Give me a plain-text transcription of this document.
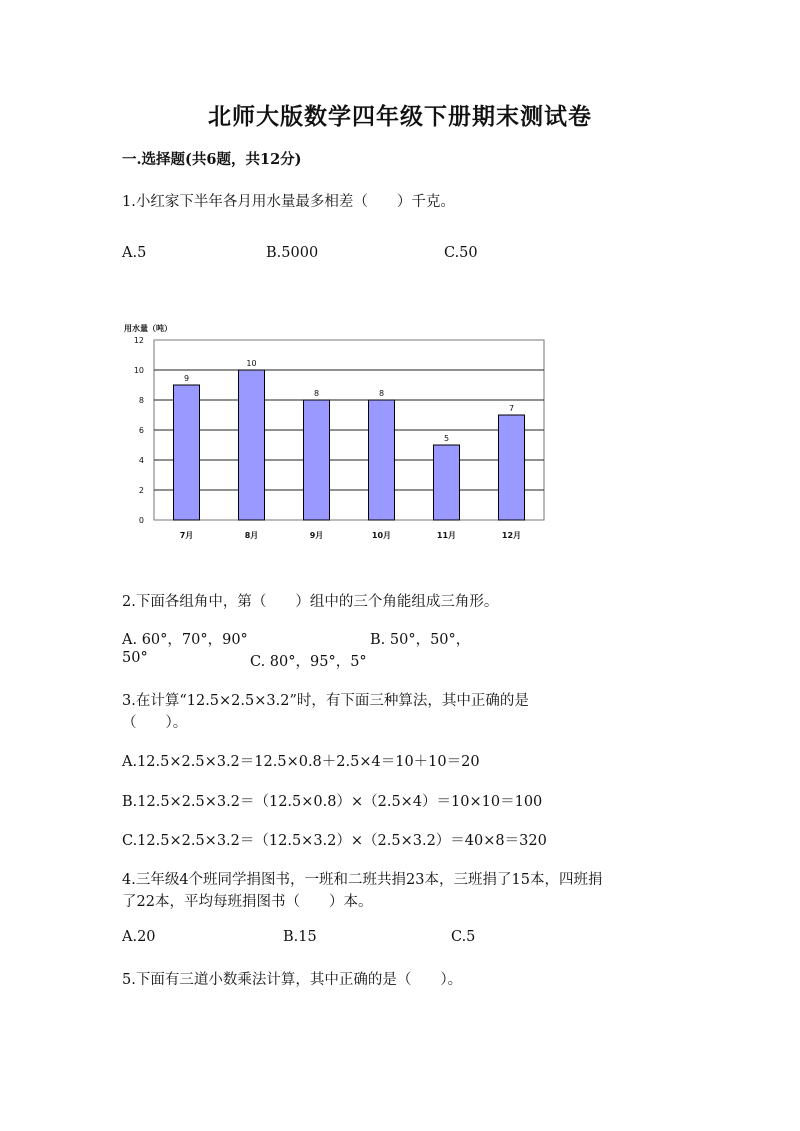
北师大版数学四年级下册期末测试卷
一.选择题(共6题，共12分)
1.小红家下半年各月用水量最多相差（　　）千克。
A.5	B.5000	C.50
用水量（吨）
0
2
4
6
8
10
12
9
7月
10
8月
8
9月
8
10月
5
11月
7
12月
2.下面各组角中，第（　　）组中的三个角能组成三角形。
A. 60°，70°，90°	B. 50°，50°，
50°	C. 80°，95°，5°
3.在计算“12.5×2.5×3.2”时，有下面三种算法，其中正确的是
（　　）。
A.12.5×2.5×3.2＝12.5×0.8＋2.5×4＝10＋10＝20
B.12.5×2.5×3.2＝（12.5×0.8）×（2.5×4）＝10×10＝100
C.12.5×2.5×3.2＝（12.5×3.2）×（2.5×3.2）＝40×8＝320
4.三年级4个班同学捐图书，一班和二班共捐23本，三班捐了15本，四班捐
了22本，平均每班捐图书（　　）本。
A.20	B.15	C.5
5.下面有三道小数乘法计算，其中正确的是（　　）。
